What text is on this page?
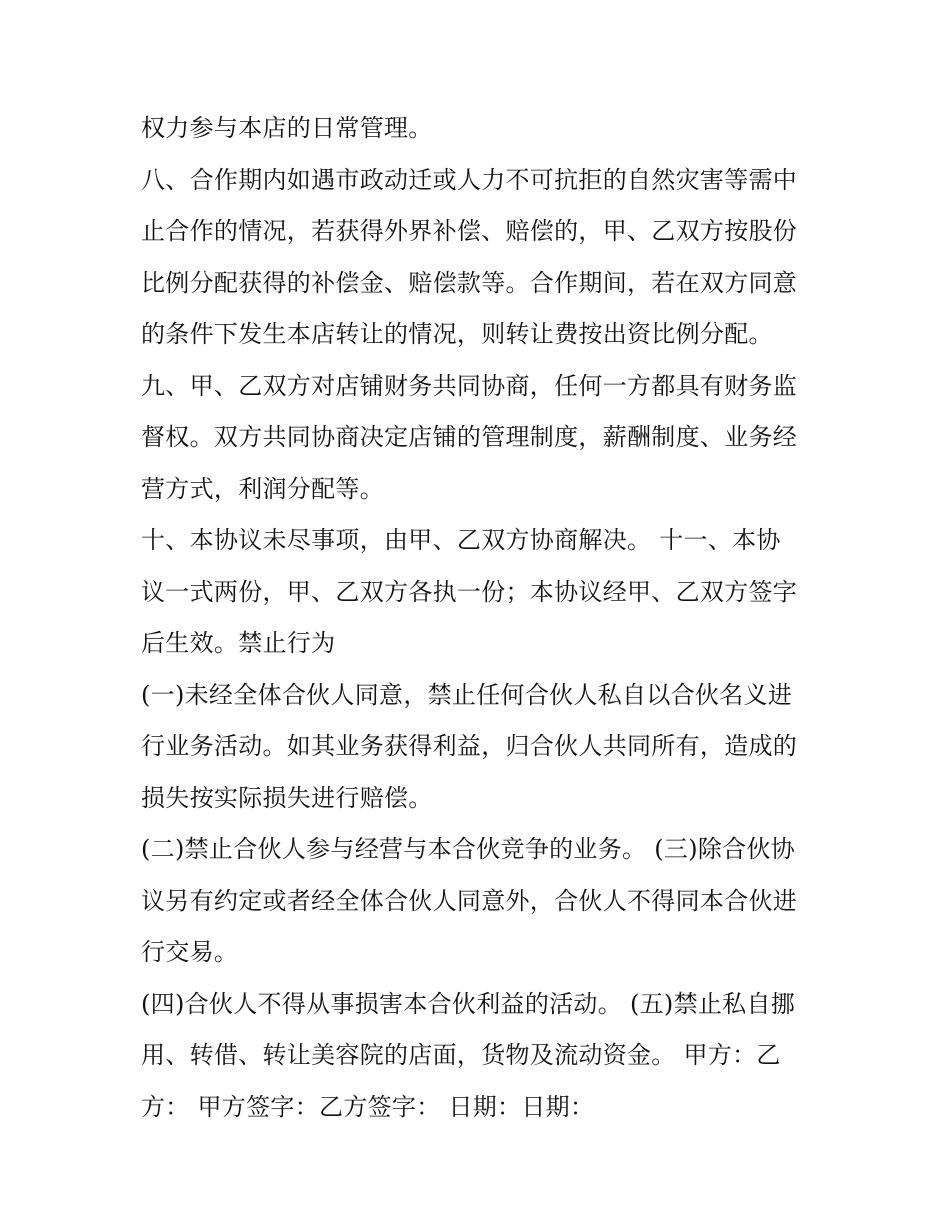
权力参与本店的日常管理。
八、合作期内如遇市政动迁或人力不可抗拒的自然灾害等需中
止合作的情况，若获得外界补偿、赔偿的，甲、乙双方按股份
比例分配获得的补偿金、赔偿款等。合作期间，若在双方同意
的条件下发生本店转让的情况，则转让费按出资比例分配。
九、甲、乙双方对店铺财务共同协商，任何一方都具有财务监
督权。双方共同协商决定店铺的管理制度，薪酬制度、业务经
营方式，利润分配等。
十、本协议未尽事项，由甲、乙双方协商解决。 十一、本协
议一式两份，甲、乙双方各执一份；本协议经甲、乙双方签字
后生效。禁止行为
(一)未经全体合伙人同意，禁止任何合伙人私自以合伙名义进
行业务活动。如其业务获得利益，归合伙人共同所有，造成的
损失按实际损失进行赔偿。
(二)禁止合伙人参与经营与本合伙竞争的业务。 (三)除合伙协
议另有约定或者经全体合伙人同意外，合伙人不得同本合伙进
行交易。
(四)合伙人不得从事损害本合伙利益的活动。 (五)禁止私自挪
用、转借、转让美容院的店面，货物及流动资金。 甲方：乙
方： 甲方签字：乙方签字： 日期：日期：
